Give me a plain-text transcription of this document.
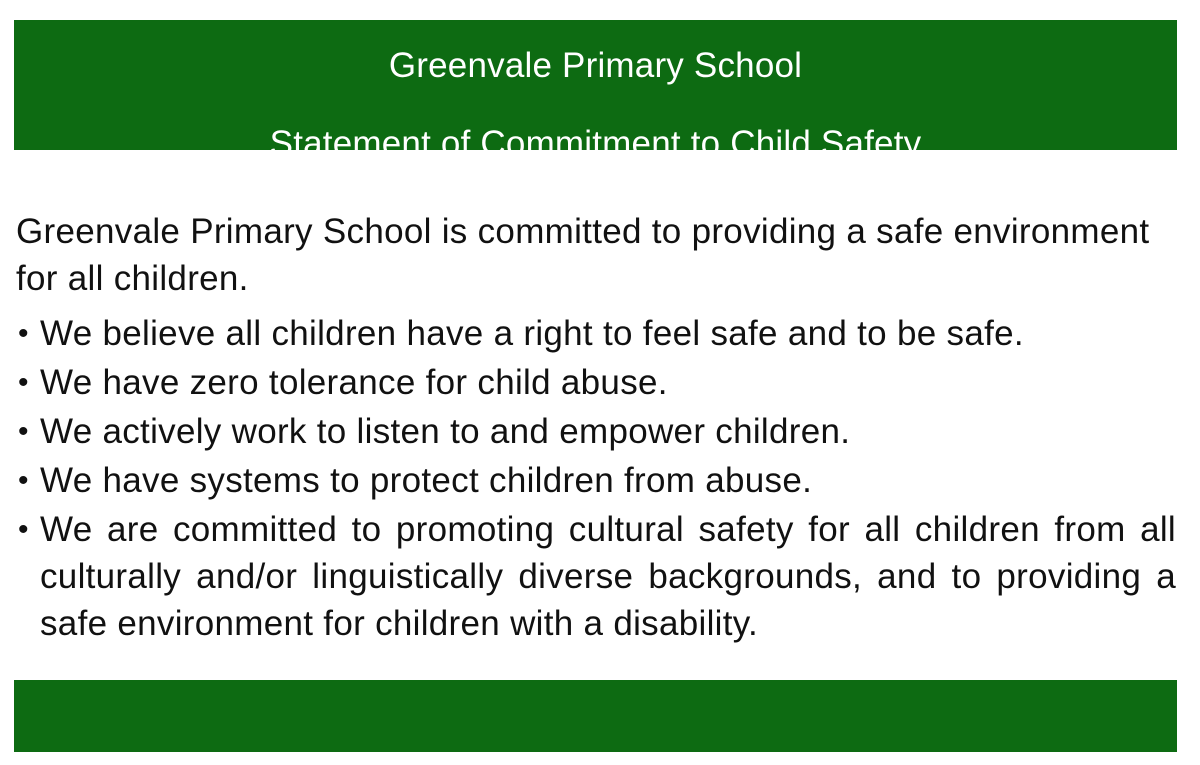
Greenvale Primary School
Statement of Commitment to Child Safety
Greenvale Primary School is committed to providing a safe environment for all children.
• We believe all children have a right to feel safe and to be safe.
• We have zero tolerance for child abuse.
• We actively work to listen to and empower children.
• We have systems to protect children from abuse.
• We are committed to promoting cultural safety for all children from all culturally and/or linguistically diverse backgrounds, and to providing a safe environment for children with a disability.
